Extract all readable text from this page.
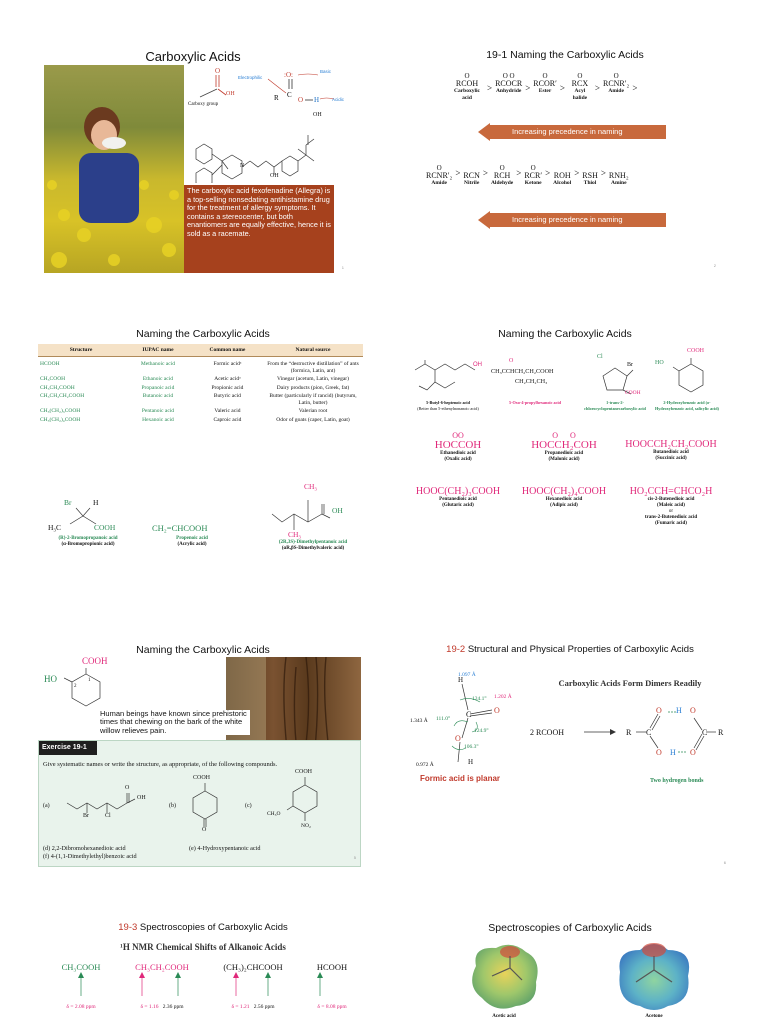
Carboxylic Acids
O
OH
Carboxy group
:O:
R C
O H
Electrophilic
Basic
Acidic
OH
OH
N
The carboxylic acid fexofenadine (Allegra) is a top-selling nonsedating antihistamine drug for the treatment of allergy symptoms. It contains a stereocenter, but both enantiomers are equally effective, hence it is sold as a racemate.
1
19-1 Naming the Carboxylic Acids
O
RCOH
Carboxylic acid
>
O O
RCOCR
Anhydride
>
O
RCOR′
Ester
>
O
RCX
Acyl halide
>
O
RCNR′₂
Amide
>
Increasing precedence in naming
O
RCNR′₂
Amide
>
RCN
Nitrile
> O
RCH
Aldehyde
> O
RCR′
Ketone
>
ROH
Alcohol
>
RSH
Thiol
>
RNH₂
Amine
Increasing precedence in naming
2
Naming the Carboxylic Acids
Structure	IUPAC name	Common name	Natural source
HCOOH	Methanoic acid	Formic acidᵃ	From the “destructive distillation” of ants (formica, Latin, ant)
CH₃COOH	Ethanoic acid	Acetic acidᵃ	Vinegar (acetum, Latin, vinegar)
CH₃CH₂COOH	Propanoic acid	Propionic acid	Dairy products (pion, Greek, fat)
CH₃CH₂CH₂COOH	Butanoic acid	Butyric acid	Butter (particularly if rancid) (butyrum, Latin, butter)
CH₃(CH₂)₃COOH	Pentanoic acid	Valeric acid	Valerian root
CH₃(CH₂)₄COOH	Hexanoic acid	Caproic acid	Odor of goats (caper, Latin, goat)
Br	H
H₃C	COOH
(R)-2-Bromopropanoic acid
(α-Bromopropionic acid)
CH₂=CHCOOH
Propenoic acid
(Acrylic acid)
CH₃
OH
CH₃
(2R,3S)-Dimethylpentanoic acid
(αR,βS-Dimethylvaleric acid)
Naming the Carboxylic Acids
OH
5-Butyl-6-heptenoic acid
(Better than 5-ethenylnonanoic acid)
O
CH₃CCHCH₂CH₂COOH
CH₂CH₂CH₃
5-Oxo-4-propylhexanoic acid
Cl
Br
COOH
1-trans-2-chlorocyclopentanecarboxylic acid
COOH
HO
2-Hydroxybenzoic acid (o-Hydroxybenzoic acid, salicylic acid)
OO
HOCCOH
Ethanedioic acid
(Oxalic acid)
O      O
HOCCH₂COH
Propanedioic acid
(Malonic acid)

HOOCCH₂CH₂COOH
Butanedioic acid
(Succinic acid)
HOOC(CH₂)₃COOH
Pentanedioic acid
(Glutaric acid)
HOOC(CH₂)₄COOH
Hexanedioic acid
(Adipic acid)
HO₂CCH=CHCO₂H
cis-2-Butenedioic acid
(Maleic acid)
or
trans-2-Butenedioic acid
(Fumaric acid)
Naming the Carboxylic Acids
COOH
HO	1
2
Human beings have known since prehistoric times that chewing on the bark of the white willow relieves pain.
Exercise 19-1
Give systematic names or write the structure, as appropriate, of the following compounds.
(a)
Br	Cl
OH
O
(b)
COOH
O
(c)
COOH
CH₃O
NO₂
(d) 2,2-Dibromohexanedioic acid
(f) 4-(1,1-Dimethylethyl)benzoic acid
(e) 4-Hydroxypentanoic acid
5
19-2 Structural and Physical Properties of Carboxylic Acids
1.097 Å
1.202 Å
1.343 Å
0.972 Å
124.1°
111.0°
124.9°
106.3°
H
C	O
O
H
Formic acid is planar
Carboxylic Acids Form Dimers Readily
2 RCOOH	R C	R
C
O H O
O H O
Two hydrogen bonds
6
19-3 Spectroscopies of Carboxylic Acids
¹H NMR Chemical Shifts of Alkanoic Acids
CH₃COOH
δ = 2.08 ppm
CH₃CH₂COOH
δ = 1.16 2.36 ppm
(CH₃)₂CHCOOH
δ = 1.21 2.56 ppm
HCOOH
δ = 8.08 ppm
Spectroscopies of Carboxylic Acids
Acetic acid	Acetone
